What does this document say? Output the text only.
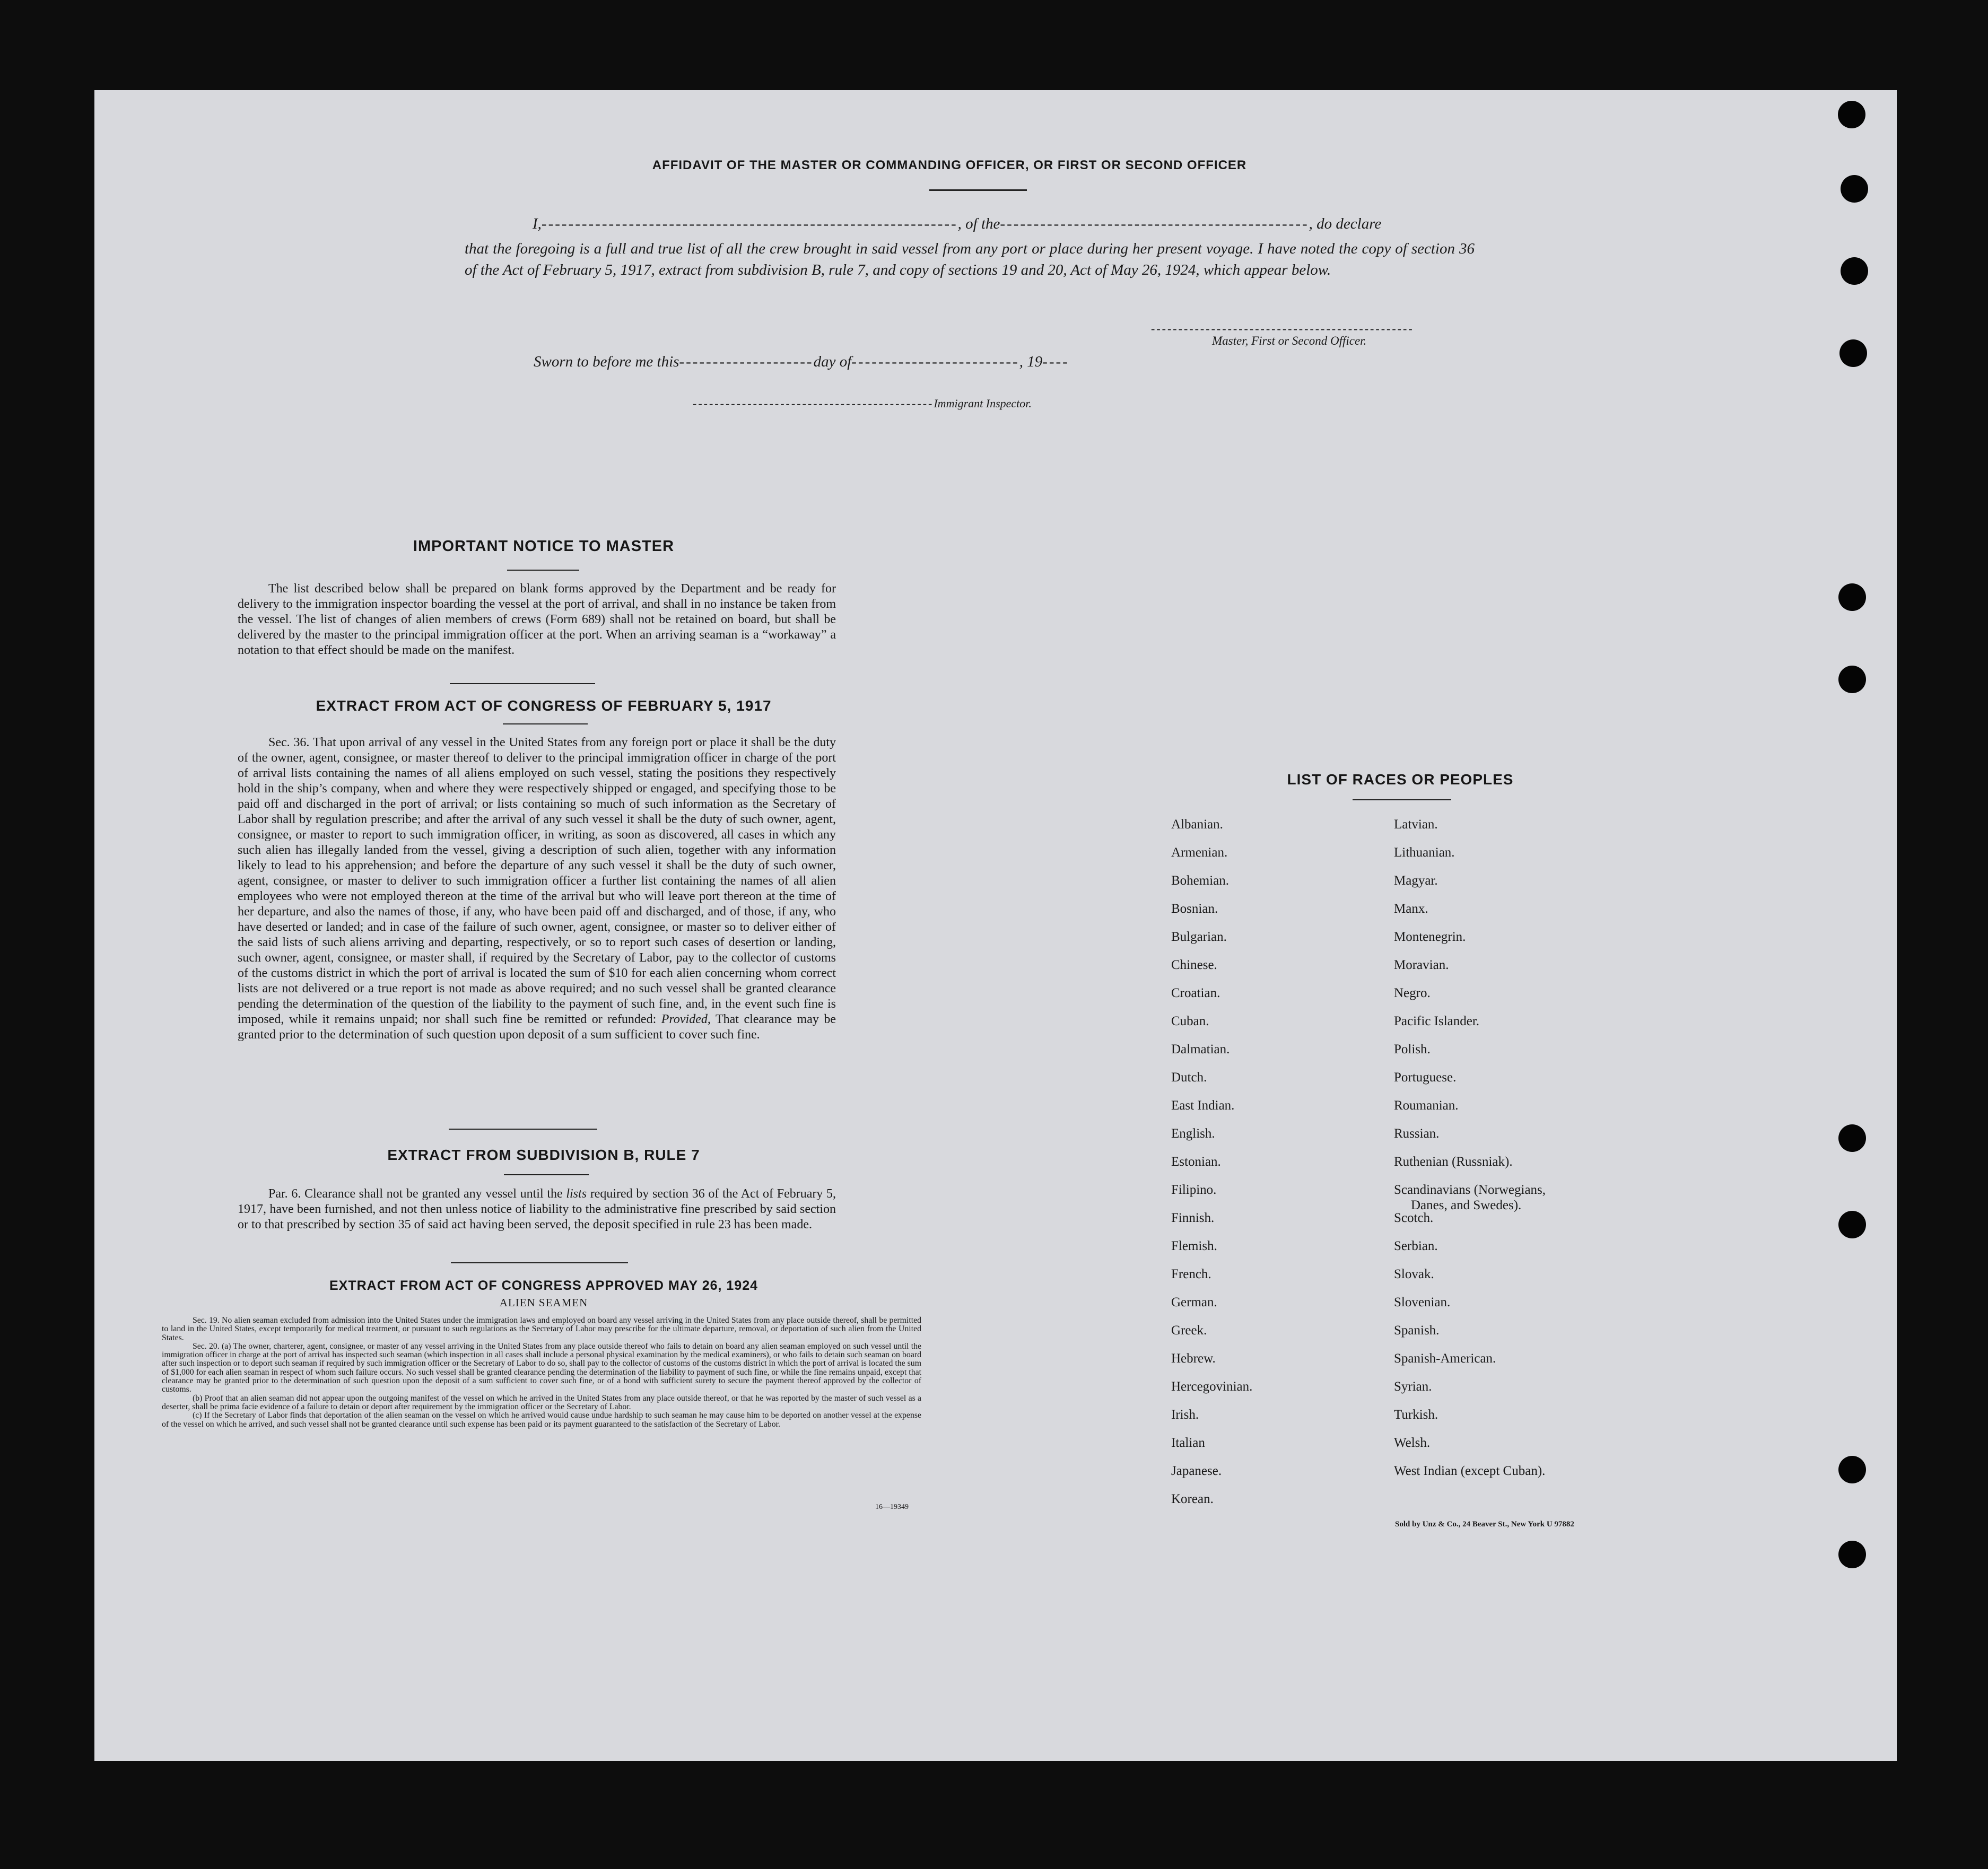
AFFIDAVIT OF THE MASTER OR COMMANDING OFFICER, OR FIRST OR SECOND OFFICER
I,--------------------------------------------------------------, of the----------------------------------------------, do declare
that the foregoing is a full and true list of all the crew brought in said vessel from any port or place during her present voyage. I have noted the copy of section 36 of the Act of February 5, 1917, extract from subdivision B, rule 7, and copy of sections 19 and 20, Act of May 26, 1924, which appear below.
------------------------------------------------
Master, First or Second Officer.
Sworn to before me this--------------------day of-------------------------, 19----
--------------------------------------------Immigrant Inspector.
IMPORTANT NOTICE TO MASTER
The list described below shall be prepared on blank forms approved by the Department and be ready for delivery to the immigration inspector boarding the vessel at the port of arrival, and shall in no instance be taken from the vessel. The list of changes of alien members of crews (Form 689) shall not be retained on board, but shall be delivered by the master to the principal immigration officer at the port. When an arriving seaman is a “workaway” a notation to that effect should be made on the manifest.
EXTRACT FROM ACT OF CONGRESS OF FEBRUARY 5, 1917
Sec. 36. That upon arrival of any vessel in the United States from any foreign port or place it shall be the duty of the owner, agent, consignee, or master thereof to deliver to the principal immigration officer in charge of the port of arrival lists containing the names of all aliens employed on such vessel, stating the positions they respectively hold in the ship’s company, when and where they were respectively shipped or engaged, and specifying those to be paid off and discharged in the port of arrival; or lists containing so much of such information as the Secretary of Labor shall by regulation prescribe; and after the arrival of any such vessel it shall be the duty of such owner, agent, consignee, or master to report to such immigration officer, in writing, as soon as discovered, all cases in which any such alien has illegally landed from the vessel, giving a description of such alien, together with any information likely to lead to his apprehension; and before the departure of any such vessel it shall be the duty of such owner, agent, consignee, or master to deliver to such immigration officer a further list containing the names of all alien employees who were not employed thereon at the time of the arrival but who will leave port thereon at the time of her departure, and also the names of those, if any, who have been paid off and discharged, and of those, if any, who have deserted or landed; and in case of the failure of such owner, agent, consignee, or master so to deliver either of the said lists of such aliens arriving and departing, respectively, or so to report such cases of desertion or landing, such owner, agent, consignee, or master shall, if required by the Secretary of Labor, pay to the collector of customs of the customs district in which the port of arrival is located the sum of $10 for each alien concerning whom correct lists are not delivered or a true report is not made as above required; and no such vessel shall be granted clearance pending the determination of the question of the liability to the payment of such fine, and, in the event such fine is imposed, while it remains unpaid; nor shall such fine be remitted or refunded: Provided, That clearance may be granted prior to the determination of such question upon deposit of a sum sufficient to cover such fine.
EXTRACT FROM SUBDIVISION B, RULE 7
Par. 6. Clearance shall not be granted any vessel until the lists required by section 36 of the Act of February 5, 1917, have been furnished, and not then unless notice of liability to the administrative fine prescribed by said section or to that prescribed by section 35 of said act having been served, the deposit specified in rule 23 has been made.
EXTRACT FROM ACT OF CONGRESS APPROVED MAY 26, 1924
ALIEN SEAMEN
Sec. 19. No alien seaman excluded from admission into the United States under the immigration laws and employed on board any vessel arriving in the United States from any place outside thereof, shall be permitted to land in the United States, except temporarily for medical treatment, or pursuant to such regulations as the Secretary of Labor may prescribe for the ultimate departure, removal, or deportation of such alien from the United States.
Sec. 20. (a) The owner, charterer, agent, consignee, or master of any vessel arriving in the United States from any place outside thereof who fails to detain on board any alien seaman employed on such vessel until the immigration officer in charge at the port of arrival has inspected such seaman (which inspection in all cases shall include a personal physical examination by the medical examiners), or who fails to detain such seaman on board after such inspection or to deport such seaman if required by such immigration officer or the Secretary of Labor to do so, shall pay to the collector of customs of the customs district in which the port of arrival is located the sum of $1,000 for each alien seaman in respect of whom such failure occurs. No such vessel shall be granted clearance pending the determination of the liability to payment of such fine, or while the fine remains unpaid, except that clearance may be granted prior to the determination of such question upon the deposit of a sum sufficient to cover such fine, or of a bond with sufficient surety to secure the payment thereof approved by the collector of customs.
(b) Proof that an alien seaman did not appear upon the outgoing manifest of the vessel on which he arrived in the United States from any place outside thereof, or that he was reported by the master of such vessel as a deserter, shall be prima facie evidence of a failure to detain or deport after requirement by the immigration officer or the Secretary of Labor.
(c) If the Secretary of Labor finds that deportation of the alien seaman on the vessel on which he arrived would cause undue hardship to such seaman he may cause him to be deported on another vessel at the expense of the vessel on which he arrived, and such vessel shall not be granted clearance until such expense has been paid or its payment guaranteed to the satisfaction of the Secretary of Labor.
16—19349
LIST OF RACES OR PEOPLES
Albanian.
Armenian.
Bohemian.
Bosnian.
Bulgarian.
Chinese.
Croatian.
Cuban.
Dalmatian.
Dutch.
East Indian.
English.
Estonian.
Filipino.
Finnish.
Flemish.
French.
German.
Greek.
Hebrew.
Hercegovinian.
Irish.
Italian
Japanese.
Korean.
Latvian.
Lithuanian.
Magyar.
Manx.
Montenegrin.
Moravian.
Negro.
Pacific Islander.
Polish.
Portuguese.
Roumanian.
Russian.
Ruthenian (Russniak).
Scandinavians (Norwegians,
Danes, and Swedes).
Scotch.
Serbian.
Slovak.
Slovenian.
Spanish.
Spanish-American.
Syrian.
Turkish.
Welsh.
West Indian (except Cuban).
Sold by Unz & Co., 24 Beaver St., New York U 97882
